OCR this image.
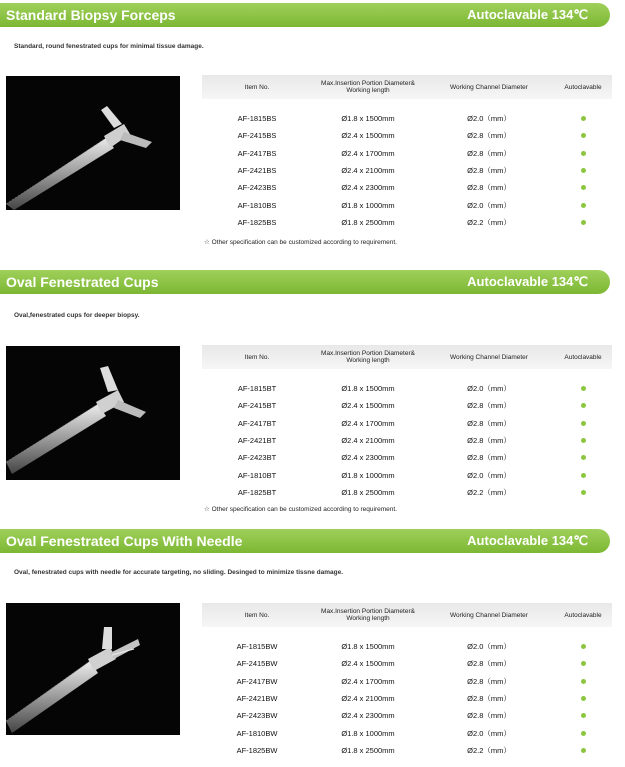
Standard Biopsy Forceps	Autoclavable 134℃
Standard, round fenestrated cups for minimal tissue damage.
Item No.	Max.Insertion Portion Diameter& Working length	Working Channel Diameter	Autoclavable
AF-1815BS	Ø1.8 x 1500mm	Ø2.0（mm）
AF-2415BS	Ø2.4 x 1500mm	Ø2.8（mm）
AF-2417BS	Ø2.4 x 1700mm	Ø2.8（mm）
AF-2421BS	Ø2.4 x 2100mm	Ø2.8（mm）
AF-2423BS	Ø2.4 x 2300mm	Ø2.8（mm）
AF-1810BS	Ø1.8 x 1000mm	Ø2.0（mm）
AF-1825BS	Ø1.8 x 2500mm	Ø2.2（mm）
☆ Other specification can be customized according to requirement.
Oval Fenestrated Cups	Autoclavable 134℃
Oval,fenestrated cups for deeper biopsy.
Item No.	Max.Insertion Portion Diameter& Working length	Working Channel Diameter	Autoclavable
AF-1815BT	Ø1.8 x 1500mm	Ø2.0（mm）
AF-2415BT	Ø2.4 x 1500mm	Ø2.8（mm）
AF-2417BT	Ø2.4 x 1700mm	Ø2.8（mm）
AF-2421BT	Ø2.4 x 2100mm	Ø2.8（mm）
AF-2423BT	Ø2.4 x 2300mm	Ø2.8（mm）
AF-1810BT	Ø1.8 x 1000mm	Ø2.0（mm）
AF-1825BT	Ø1.8 x 2500mm	Ø2.2（mm）
☆ Other specification can be customized according to requirement.
Oval Fenestrated Cups With Needle	Autoclavable 134℃
Oval, fenestrated cups with needle for accurate targeting, no sliding. Desinged to minimize tissne damage.
Item No.	Max.Insertion Portion Diameter& Working length	Working Channel Diameter	Autoclavable
AF-1815BW	Ø1.8 x 1500mm	Ø2.0（mm）
AF-2415BW	Ø2.4 x 1500mm	Ø2.8（mm）
AF-2417BW	Ø2.4 x 1700mm	Ø2.8（mm）
AF-2421BW	Ø2.4 x 2100mm	Ø2.8（mm）
AF-2423BW	Ø2.4 x 2300mm	Ø2.8（mm）
AF-1810BW	Ø1.8 x 1000mm	Ø2.0（mm）
AF-1825BW	Ø1.8 x 2500mm	Ø2.2（mm）
